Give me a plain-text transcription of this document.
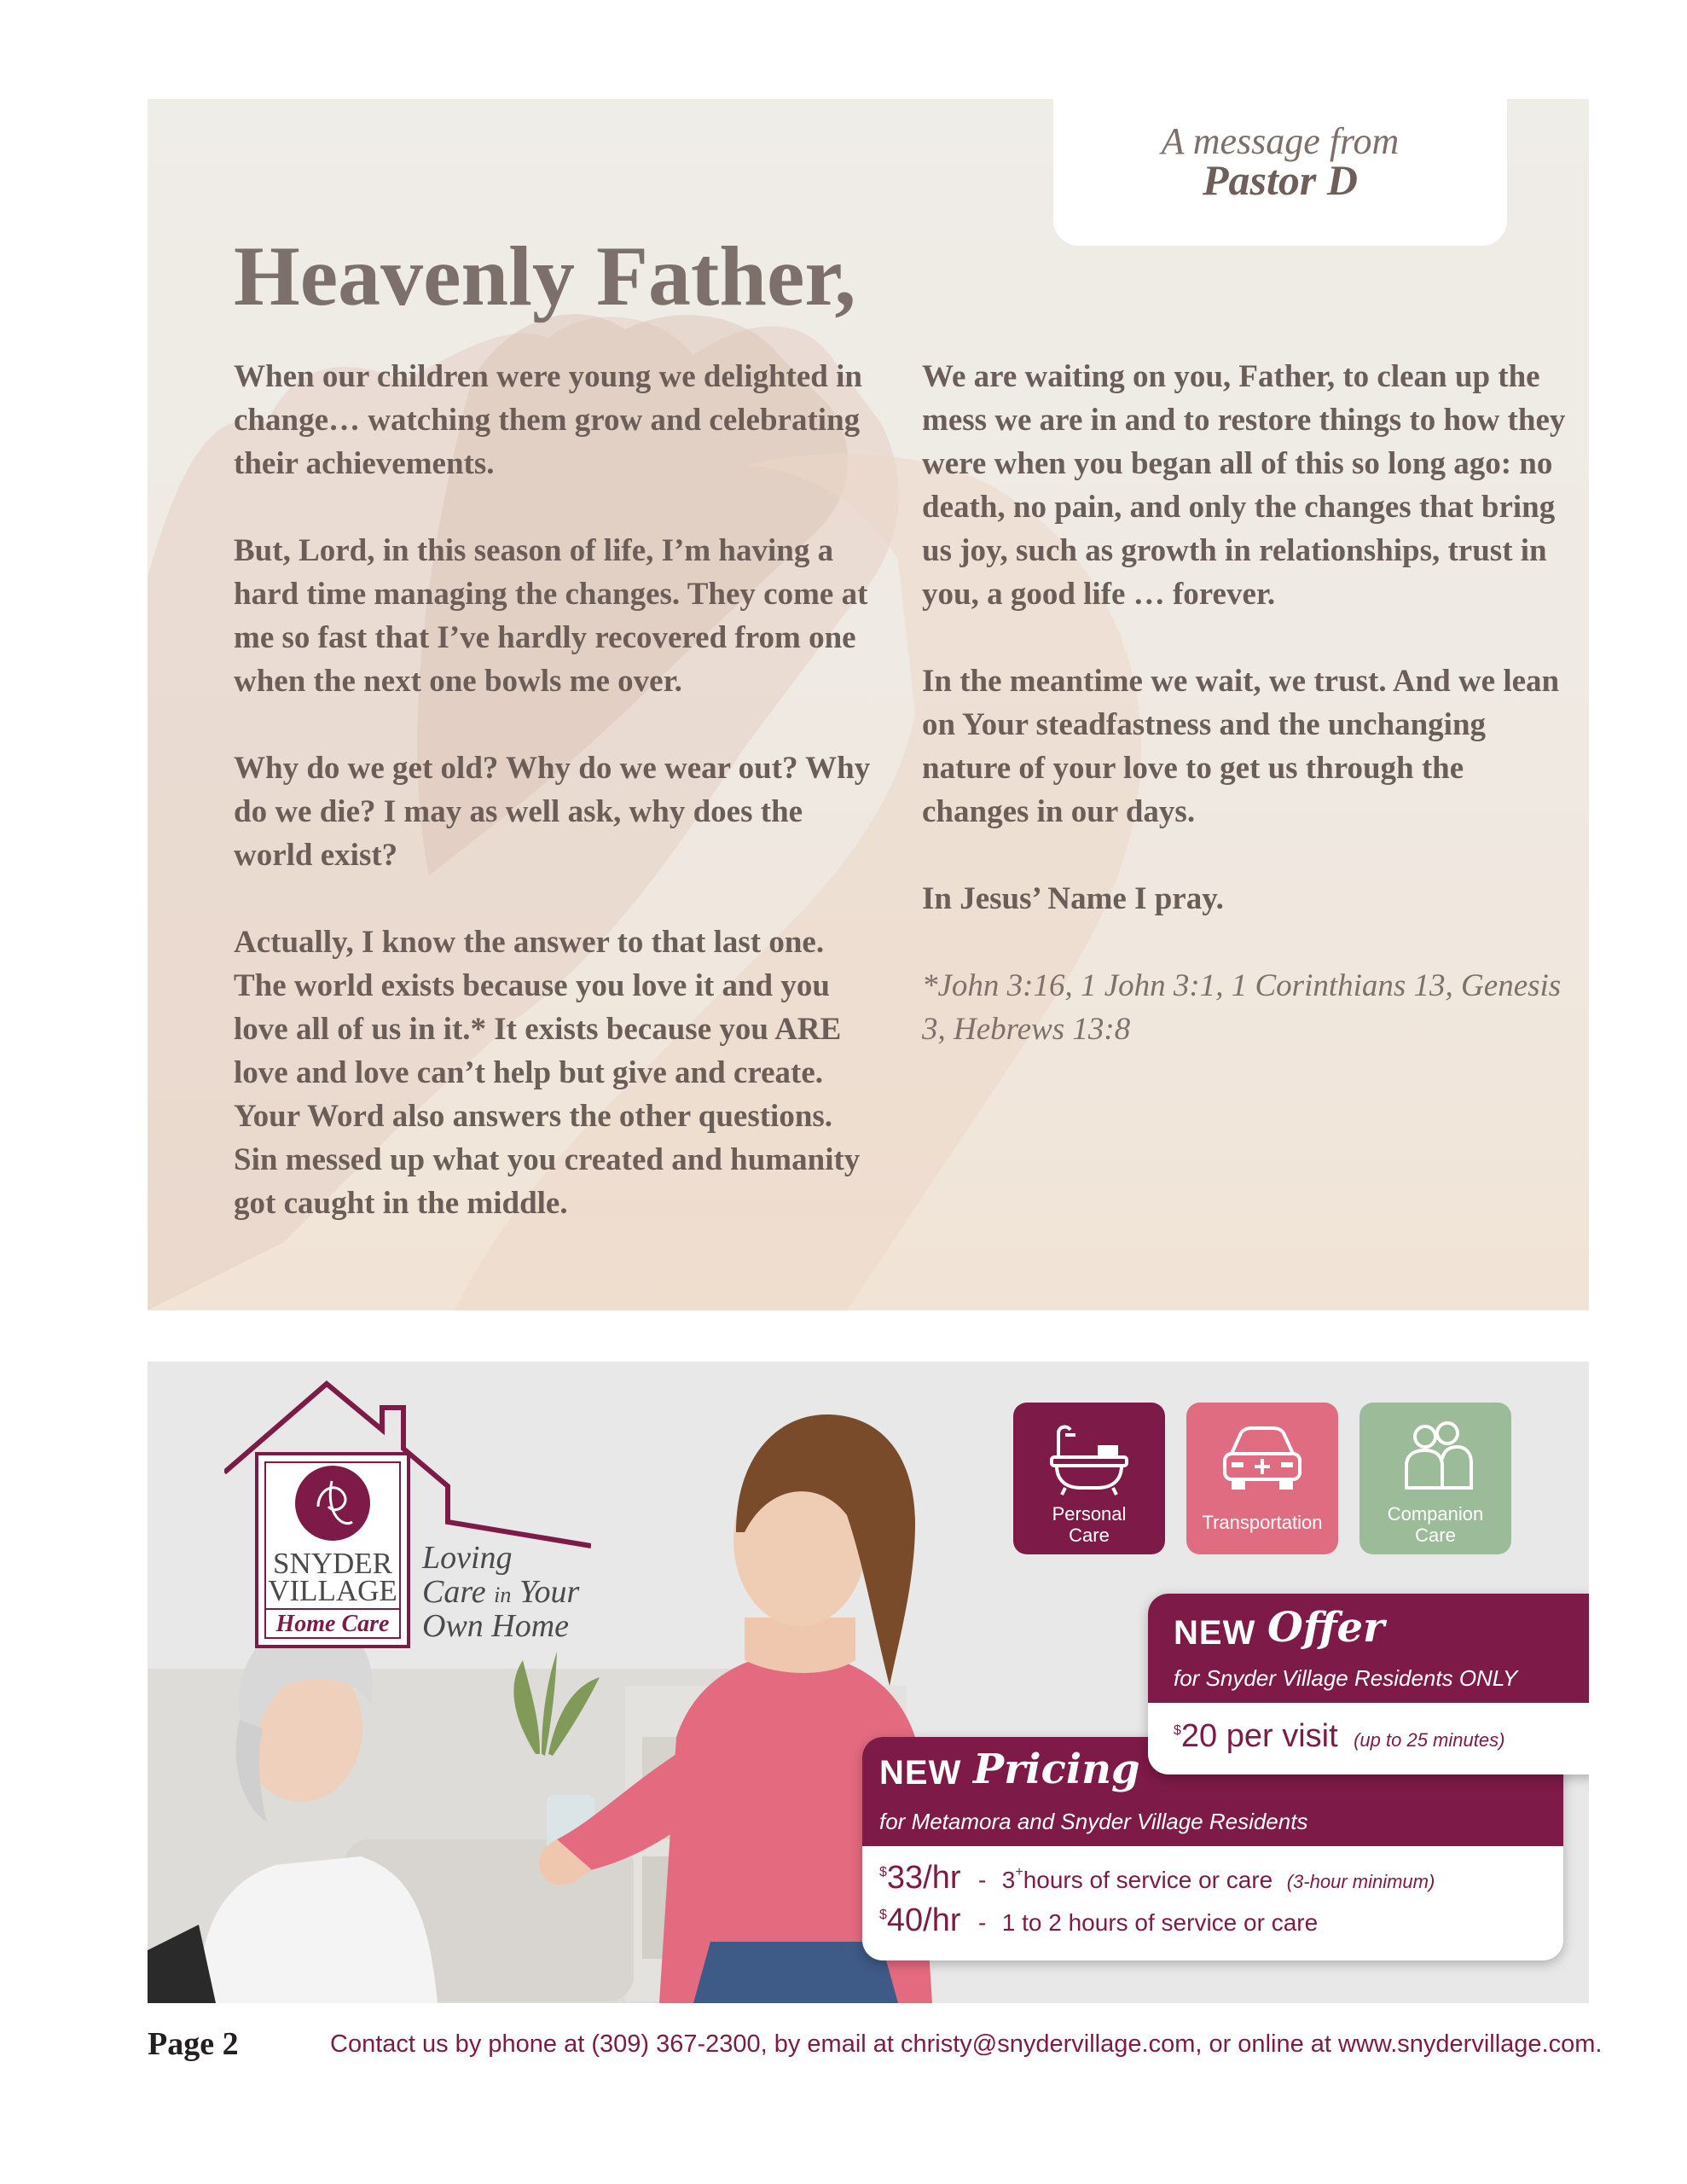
A message from
Pastor D
Heavenly Father,

When our children were young we delighted in change… watching them grow and celebrating their achievements.

But, Lord, in this season of life, I’m having a hard time managing the changes. They come at me so fast that I’ve hardly recovered from one when the next one bowls me over.

Why do we get old? Why do we wear out? Why do we die? I may as well ask, why does the world exist?

Actually, I know the answer to that last one. The world exists because you love it and you love all of us in it.* It exists because you ARE love and love can’t help but give and create. Your Word also answers the other questions. Sin messed up what you created and humanity got caught in the middle.

We are waiting on you, Father, to clean up the mess we are in and to restore things to how they were when you began all of this so long ago: no death, no pain, and only the changes that bring us joy, such as growth in relationships, trust in you, a good life … forever.

In the meantime we wait, we trust. And we lean on Your steadfastness and the unchanging nature of your love to get us through the changes in our days.

In Jesus’ Name I pray.

*John 3:16, 1 John 3:1, 1 Corinthians 13, Genesis 3, Hebrews 13:8

SNYDER
VILLAGE
Home Care
Loving
Care in Your
Own Home
Personal
Care
Transportation	Companion
Care
NEW Pricing
for Metamora and Snyder Village Residents
$33/hr - 3+hours of service or care (3-hour minimum)
$40/hr - 1 to 2 hours of service or care
NEW Offer
for Snyder Village Residents ONLY
$20 per visit (up to 25 minutes)
Page 2	Contact us by phone at (309) 367-2300, by email at christy@snydervillage.com, or online at www.snydervillage.com.
